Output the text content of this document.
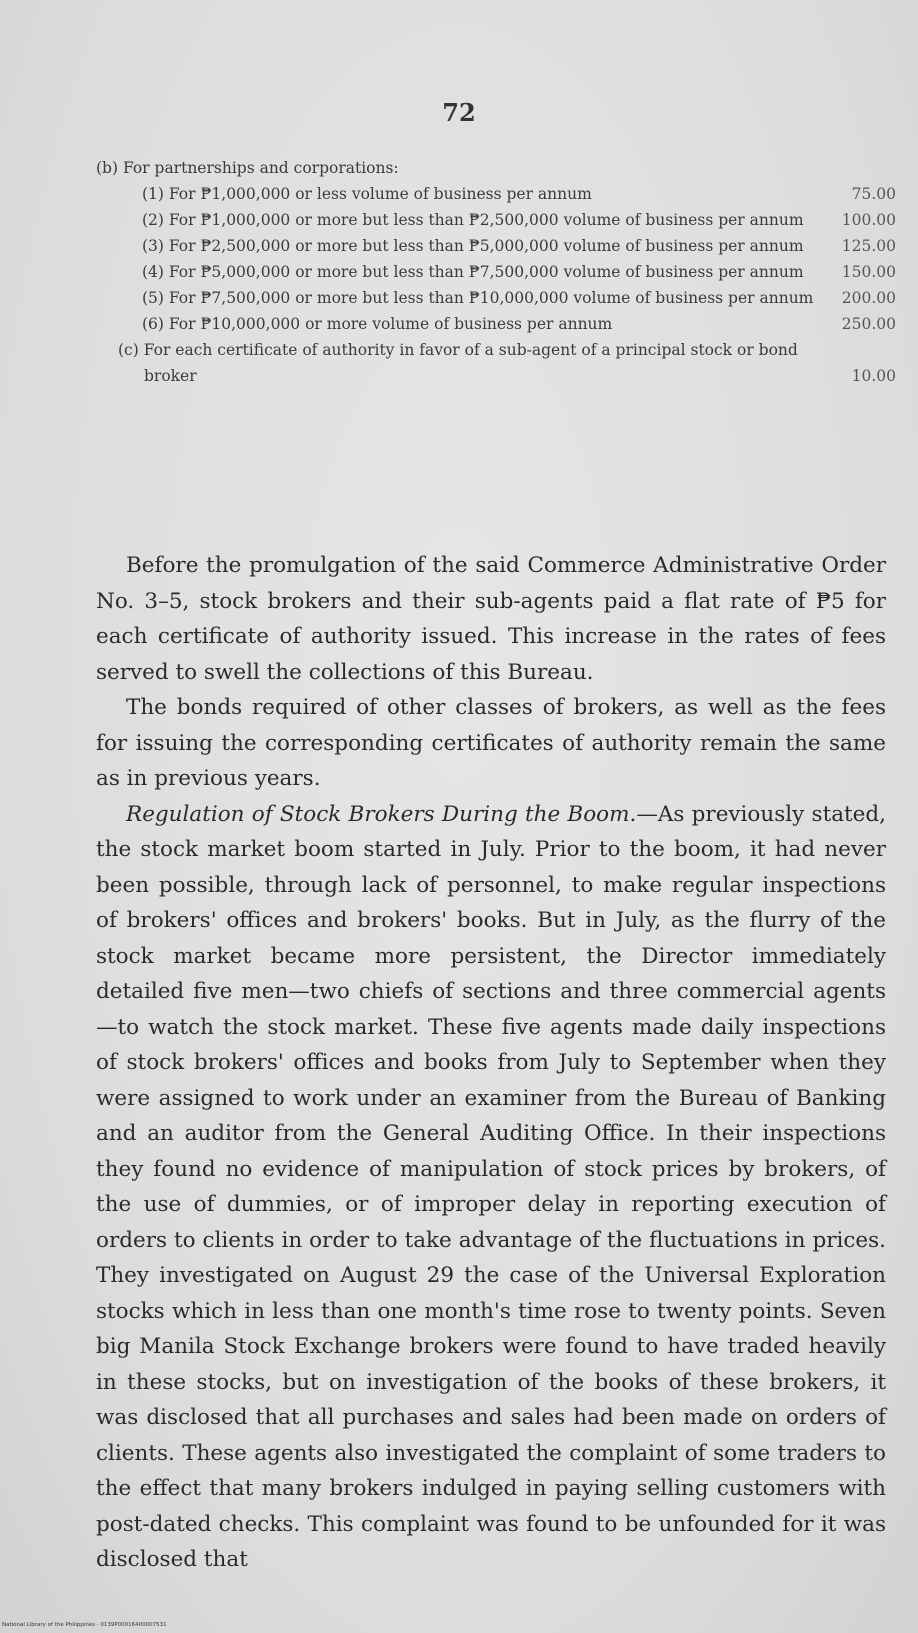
72
(b) For partnerships and corporations:
(1) For ₱1,000,000 or less volume of business per annum	75.00
(2) For ₱1,000,000 or more but less than ₱2,500,000 volume of business per annum	100.00
(3) For ₱2,500,000 or more but less than ₱5,000,000 volume of business per annum	125.00
(4) For ₱5,000,000 or more but less than ₱7,500,000 volume of business per annum	150.00
(5) For ₱7,500,000 or more but less than ₱10,000,000 volume of business per annum	200.00
(6) For ₱10,000,000 or more volume of business per annum	250.00
(c) For each certificate of authority in favor of a sub-agent of a principal stock or bond broker	10.00

Before the promulgation of the said Commerce Administrative Order No. 3–5, stock brokers and their sub-agents paid a flat rate of ₱5 for each certificate of authority issued. This increase in the rates of fees served to swell the collections of this Bureau.

The bonds required of other classes of brokers, as well as the fees for issuing the corresponding certificates of authority remain the same as in previous years.

Regulation of Stock Brokers During the Boom.—As previously stated, the stock market boom started in July. Prior to the boom, it had never been possible, through lack of personnel, to make regular inspections of brokers' offices and brokers' books. But in July, as the flurry of the stock market became more persistent, the Director immediately detailed five men—two chiefs of sections and three commercial agents—to watch the stock market. These five agents made daily inspections of stock brokers' offices and books from July to September when they were assigned to work under an examiner from the Bureau of Banking and an auditor from the General Auditing Office. In their inspections they found no evidence of manipulation of stock prices by brokers, of the use of dummies, or of improper delay in reporting execution of orders to clients in order to take advantage of the fluctuations in prices. They investigated on August 29 the case of the Universal Exploration stocks which in less than one month's time rose to twenty points. Seven big Manila Stock Exchange brokers were found to have traded heavily in these stocks, but on investigation of the books of these brokers, it was disclosed that all purchases and sales had been made on orders of clients. These agents also investigated the complaint of some traders to the effect that many brokers indulged in paying selling customers with post-dated checks. This complaint was found to be unfounded for it was disclosed that

National Library of the Philippines · 0139P00016400007531
